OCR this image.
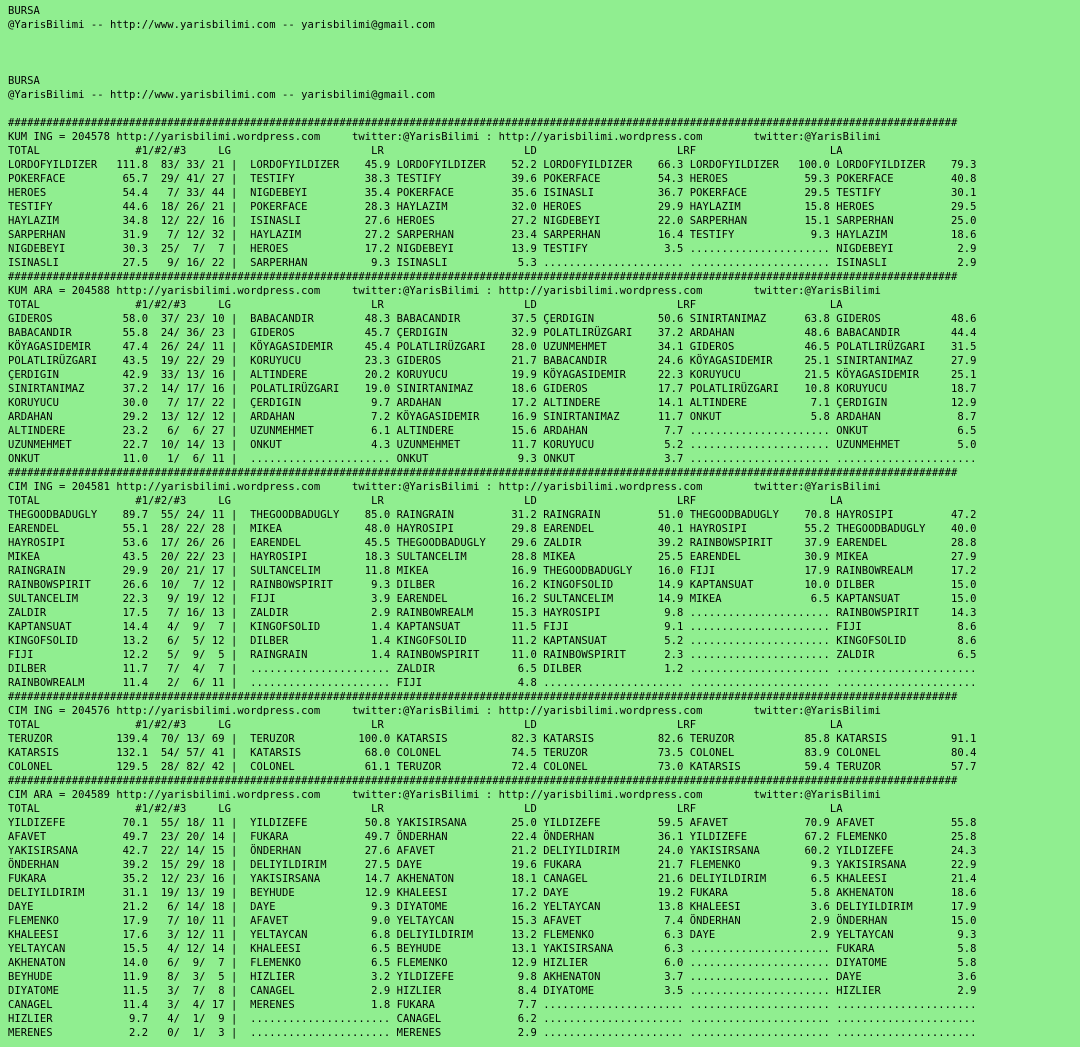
BURSA
@YarisBilimi -- http://www.yarisbilimi.com -- yarisbilimi@gmail.com

BURSA
@YarisBilimi -- http://www.yarisbilimi.com -- yarisbilimi@gmail.com

#####################################################################################################################################################
KUM ING = 204578 http://yarisbilimi.wordpress.com     twitter:@YarisBilimi : http://yarisbilimi.wordpress.com        twitter:@YarisBilimi
TOTAL               #1/#2/#3     LG                      LR                      LD                      LRF                     LA
LORDOFYILDIZER   111.8  83/ 33/ 21 |  LORDOFYILDIZER    45.9 LORDOFYILDIZER    52.2 LORDOFYILDIZER    66.3 LORDOFYILDIZER   100.0 LORDOFYILDIZER    79.3
POKERFACE         65.7  29/ 41/ 27 |  TESTIFY           38.3 TESTIFY           39.6 POKERFACE         54.3 HEROES            59.3 POKERFACE         40.8
HEROES            54.4   7/ 33/ 44 |  NIGDEBEYI         35.4 POKERFACE         35.6 ISINASLI          36.7 POKERFACE         29.5 TESTIFY           30.1
TESTIFY           44.6  18/ 26/ 21 |  POKERFACE         28.3 HAYLAZIM          32.0 HEROES            29.9 HAYLAZIM          15.8 HEROES            29.5
HAYLAZIM          34.8  12/ 22/ 16 |  ISINASLI          27.6 HEROES            27.2 NIGDEBEYI         22.0 SARPERHAN         15.1 SARPERHAN         25.0
SARPERHAN         31.9   7/ 12/ 32 |  HAYLAZIM          27.2 SARPERHAN         23.4 SARPERHAN         16.4 TESTIFY            9.3 HAYLAZIM          18.6
NIGDEBEYI         30.3  25/  7/  7 |  HEROES            17.2 NIGDEBEYI         13.9 TESTIFY            3.5 ...................... NIGDEBEYI          2.9
ISINASLI          27.5   9/ 16/ 22 |  SARPERHAN          9.3 ISINASLI           5.3 ...................... ...................... ISINASLI           2.9
#####################################################################################################################################################
KUM ARA = 204588 http://yarisbilimi.wordpress.com     twitter:@YarisBilimi : http://yarisbilimi.wordpress.com        twitter:@YarisBilimi
TOTAL               #1/#2/#3     LG                      LR                      LD                      LRF                     LA
GIDEROS           58.0  37/ 23/ 10 |  BABACANDIR        48.3 BABACANDIR        37.5 ÇERDIGIN          50.6 SINIRTANIMAZ      63.8 GIDEROS           48.6
BABACANDIR        55.8  24/ 36/ 23 |  GIDEROS           45.7 ÇERDIGIN          32.9 POLATLIRÜZGARI    37.2 ARDAHAN           48.6 BABACANDIR        44.4
KÖYAGASIDEMIR     47.4  26/ 24/ 11 |  KÖYAGASIDEMIR     45.4 POLATLIRÜZGARI    28.0 UZUNMEHMET        34.1 GIDEROS           46.5 POLATLIRÜZGARI    31.5
POLATLIRÜZGARI    43.5  19/ 22/ 29 |  KORUYUCU          23.3 GIDEROS           21.7 BABACANDIR        24.6 KÖYAGASIDEMIR     25.1 SINIRTANIMAZ      27.9
ÇERDIGIN          42.9  33/ 13/ 16 |  ALTINDERE         20.2 KORUYUCU          19.9 KÖYAGASIDEMIR     22.3 KORUYUCU          21.5 KÖYAGASIDEMIR     25.1
SINIRTANIMAZ      37.2  14/ 17/ 16 |  POLATLIRÜZGARI    19.0 SINIRTANIMAZ      18.6 GIDEROS           17.7 POLATLIRÜZGARI    10.8 KORUYUCU          18.7
KORUYUCU          30.0   7/ 17/ 22 |  ÇERDIGIN           9.7 ARDAHAN           17.2 ALTINDERE         14.1 ALTINDERE          7.1 ÇERDIGIN          12.9
ARDAHAN           29.2  13/ 12/ 12 |  ARDAHAN            7.2 KÖYAGASIDEMIR     16.9 SINIRTANIMAZ      11.7 ONKUT              5.8 ARDAHAN            8.7
ALTINDERE         23.2   6/  6/ 27 |  UZUNMEHMET         6.1 ALTINDERE         15.6 ARDAHAN            7.7 ...................... ONKUT              6.5
UZUNMEHMET        22.7  10/ 14/ 13 |  ONKUT              4.3 UZUNMEHMET        11.7 KORUYUCU           5.2 ...................... UZUNMEHMET         5.0
ONKUT             11.0   1/  6/ 11 |  ...................... ONKUT              9.3 ONKUT              3.7 ...................... ......................
#####################################################################################################################################################
CIM ING = 204581 http://yarisbilimi.wordpress.com     twitter:@YarisBilimi : http://yarisbilimi.wordpress.com        twitter:@YarisBilimi
TOTAL               #1/#2/#3     LG                      LR                      LD                      LRF                     LA
THEGOODBADUGLY    89.7  55/ 24/ 11 |  THEGOODBADUGLY    85.0 RAINGRAIN         31.2 RAINGRAIN         51.0 THEGOODBADUGLY    70.8 HAYROSIPI         47.2
EARENDEL          55.1  28/ 22/ 28 |  MIKEA             48.0 HAYROSIPI         29.8 EARENDEL          40.1 HAYROSIPI         55.2 THEGOODBADUGLY    40.0
HAYROSIPI         53.6  17/ 26/ 26 |  EARENDEL          45.5 THEGOODBADUGLY    29.6 ZALDIR            39.2 RAINBOWSPIRIT     37.9 EARENDEL          28.8
MIKEA             43.5  20/ 22/ 23 |  HAYROSIPI         18.3 SULTANCELIM       28.8 MIKEA             25.5 EARENDEL          30.9 MIKEA             27.9
RAINGRAIN         29.9  20/ 21/ 17 |  SULTANCELIM       11.8 MIKEA             16.9 THEGOODBADUGLY    16.0 FIJI              17.9 RAINBOWREALM      17.2
RAINBOWSPIRIT     26.6  10/  7/ 12 |  RAINBOWSPIRIT      9.3 DILBER            16.2 KINGOFSOLID       14.9 KAPTANSUAT        10.0 DILBER            15.0
SULTANCELIM       22.3   9/ 19/ 12 |  FIJI               3.9 EARENDEL          16.2 SULTANCELIM       14.9 MIKEA              6.5 KAPTANSUAT        15.0
ZALDIR            17.5   7/ 16/ 13 |  ZALDIR             2.9 RAINBOWREALM      15.3 HAYROSIPI          9.8 ...................... RAINBOWSPIRIT     14.3
KAPTANSUAT        14.4   4/  9/  7 |  KINGOFSOLID        1.4 KAPTANSUAT        11.5 FIJI               9.1 ...................... FIJI               8.6
KINGOFSOLID       13.2   6/  5/ 12 |  DILBER             1.4 KINGOFSOLID       11.2 KAPTANSUAT         5.2 ...................... KINGOFSOLID        8.6
FIJI              12.2   5/  9/  5 |  RAINGRAIN          1.4 RAINBOWSPIRIT     11.0 RAINBOWSPIRIT      2.3 ...................... ZALDIR             6.5
DILBER            11.7   7/  4/  7 |  ...................... ZALDIR             6.5 DILBER             1.2 ...................... ......................
RAINBOWREALM      11.4   2/  6/ 11 |  ...................... FIJI               4.8 ...................... ...................... ......................
#####################################################################################################################################################
CIM ING = 204576 http://yarisbilimi.wordpress.com     twitter:@YarisBilimi : http://yarisbilimi.wordpress.com        twitter:@YarisBilimi
TOTAL               #1/#2/#3     LG                      LR                      LD                      LRF                     LA
TERUZOR          139.4  70/ 13/ 69 |  TERUZOR          100.0 KATARSIS          82.3 KATARSIS          82.6 TERUZOR           85.8 KATARSIS          91.1
KATARSIS         132.1  54/ 57/ 41 |  KATARSIS          68.0 COLONEL           74.5 TERUZOR           73.5 COLONEL           83.9 COLONEL           80.4
COLONEL          129.5  28/ 82/ 42 |  COLONEL           61.1 TERUZOR           72.4 COLONEL           73.0 KATARSIS          59.4 TERUZOR           57.7
#####################################################################################################################################################
CIM ARA = 204589 http://yarisbilimi.wordpress.com     twitter:@YarisBilimi : http://yarisbilimi.wordpress.com        twitter:@YarisBilimi
TOTAL               #1/#2/#3     LG                      LR                      LD                      LRF                     LA
YILDIZEFE         70.1  55/ 18/ 11 |  YILDIZEFE         50.8 YAKISIRSANA       25.0 YILDIZEFE         59.5 AFAVET            70.9 AFAVET            55.8
AFAVET            49.7  23/ 20/ 14 |  FUKARA            49.7 ÖNDERHAN          22.4 ÖNDERHAN          36.1 YILDIZEFE         67.2 FLEMENKO          25.8
YAKISIRSANA       42.7  22/ 14/ 15 |  ÖNDERHAN          27.6 AFAVET            21.2 DELIYILDIRIM      24.0 YAKISIRSANA       60.2 YILDIZEFE         24.3
ÖNDERHAN          39.2  15/ 29/ 18 |  DELIYILDIRIM      27.5 DAYE              19.6 FUKARA            21.7 FLEMENKO           9.3 YAKISIRSANA       22.9
FUKARA            35.2  12/ 23/ 16 |  YAKISIRSANA       14.7 AKHENATON         18.1 CANAGEL           21.6 DELIYILDIRIM       6.5 KHALEESI          21.4
DELIYILDIRIM      31.1  19/ 13/ 19 |  BEYHUDE           12.9 KHALEESI          17.2 DAYE              19.2 FUKARA             5.8 AKHENATON         18.6
DAYE              21.2   6/ 14/ 18 |  DAYE               9.3 DIYATOME          16.2 YELTAYCAN         13.8 KHALEESI           3.6 DELIYILDIRIM      17.9
FLEMENKO          17.9   7/ 10/ 11 |  AFAVET             9.0 YELTAYCAN         15.3 AFAVET             7.4 ÖNDERHAN           2.9 ÖNDERHAN          15.0
KHALEESI          17.6   3/ 12/ 11 |  YELTAYCAN          6.8 DELIYILDIRIM      13.2 FLEMENKO           6.3 DAYE               2.9 YELTAYCAN          9.3
YELTAYCAN         15.5   4/ 12/ 14 |  KHALEESI           6.5 BEYHUDE           13.1 YAKISIRSANA        6.3 ...................... FUKARA             5.8
AKHENATON         14.0   6/  9/  7 |  FLEMENKO           6.5 FLEMENKO          12.9 HIZLIER            6.0 ...................... DIYATOME           5.8
BEYHUDE           11.9   8/  3/  5 |  HIZLIER            3.2 YILDIZEFE          9.8 AKHENATON          3.7 ...................... DAYE               3.6
DIYATOME          11.5   3/  7/  8 |  CANAGEL            2.9 HIZLIER            8.4 DIYATOME           3.5 ...................... HIZLIER            2.9
CANAGEL           11.4   3/  4/ 17 |  MERENES            1.8 FUKARA             7.7 ...................... ...................... ......................
HIZLIER            9.7   4/  1/  9 |  ...................... CANAGEL            6.2 ...................... ...................... ......................
MERENES            2.2   0/  1/  3 |  ...................... MERENES            2.9 ...................... ...................... ......................
